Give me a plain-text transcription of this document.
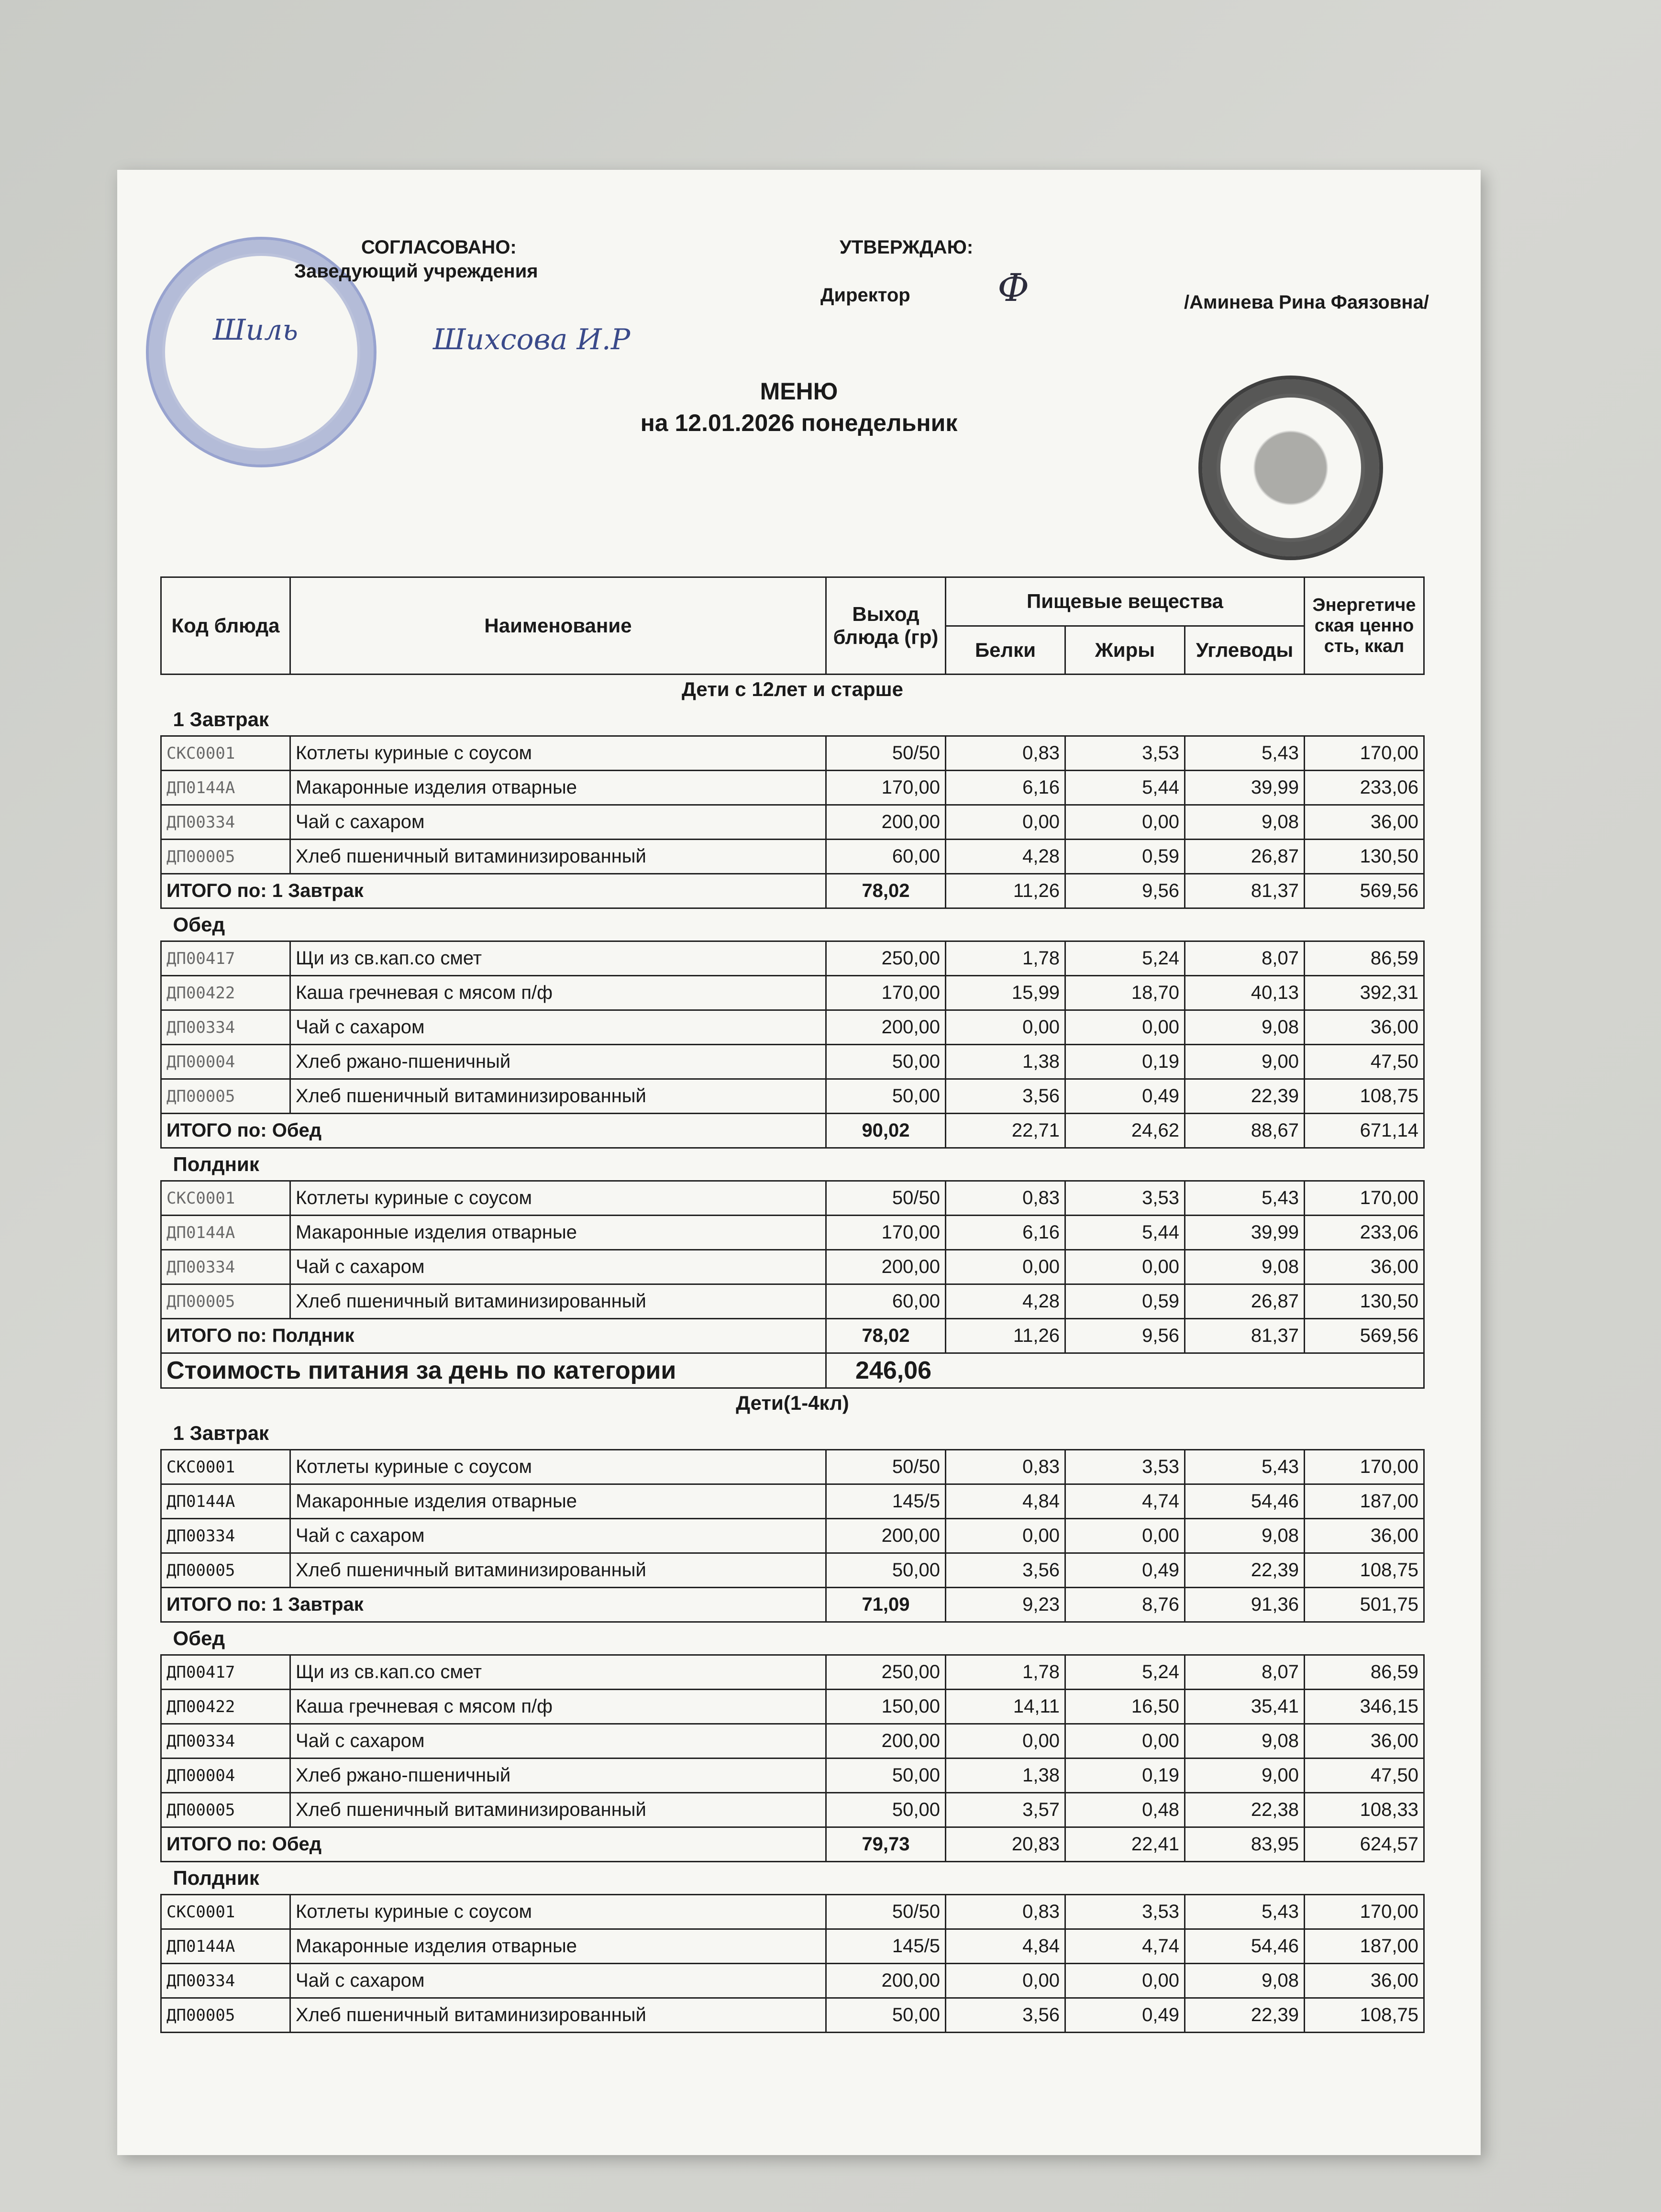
СОГЛАСОВАНО:
Заведующий учреждения
Шиль	Шихсова И.Р
УТВЕРЖДАЮ:
Директор Ф	/Аминева Рина Фаязовна/
МЕНЮ
на 12.01.2026 понедельник
Код блюда	Наименование	Выход блюда (гр)	Пищевые вещества			Энергетическая ценность, ккал
			Белки	Жиры	Углеводы	
Дети с 12лет и старше						
1 Завтрак						
СКС0001	Котлеты куриные с соусом	50/50	0,83	3,53	5,43	170,00
ДП0144А	Макаронные изделия отварные	170,00	6,16	5,44	39,99	233,06
ДП00334	Чай с сахаром	200,00	0,00	0,00	9,08	36,00
ДП00005	Хлеб пшеничный витаминизированный	60,00	4,28	0,59	26,87	130,50
ИТОГО по: 1 Завтрак		78,02	11,26	9,56	81,37	569,56
Обед						
ДП00417	Щи из св.кап.со смет	250,00	1,78	5,24	8,07	86,59
ДП00422	Каша гречневая с мясом п/ф	170,00	15,99	18,70	40,13	392,31
ДП00334	Чай с сахаром	200,00	0,00	0,00	9,08	36,00
ДП00004	Хлеб ржано-пшеничный	50,00	1,38	0,19	9,00	47,50
ДП00005	Хлеб пшеничный витаминизированный	50,00	3,56	0,49	22,39	108,75
ИТОГО по: Обед		90,02	22,71	24,62	88,67	671,14
Полдник						
СКС0001	Котлеты куриные с соусом	50/50	0,83	3,53	5,43	170,00
ДП0144А	Макаронные изделия отварные	170,00	6,16	5,44	39,99	233,06
ДП00334	Чай с сахаром	200,00	0,00	0,00	9,08	36,00
ДП00005	Хлеб пшеничный витаминизированный	60,00	4,28	0,59	26,87	130,50
ИТОГО по: Полдник		78,02	11,26	9,56	81,37	569,56
Стоимость питания за день по категории		246,06				
Дети(1-4кл)						
1 Завтрак						
СКС0001	Котлеты куриные с соусом	50/50	0,83	3,53	5,43	170,00
ДП0144А	Макаронные изделия отварные	145/5	4,84	4,74	54,46	187,00
ДП00334	Чай с сахаром	200,00	0,00	0,00	9,08	36,00
ДП00005	Хлеб пшеничный витаминизированный	50,00	3,56	0,49	22,39	108,75
ИТОГО по: 1 Завтрак		71,09	9,23	8,76	91,36	501,75
Обед						
ДП00417	Щи из св.кап.со смет	250,00	1,78	5,24	8,07	86,59
ДП00422	Каша гречневая с мясом п/ф	150,00	14,11	16,50	35,41	346,15
ДП00334	Чай с сахаром	200,00	0,00	0,00	9,08	36,00
ДП00004	Хлеб ржано-пшеничный	50,00	1,38	0,19	9,00	47,50
ДП00005	Хлеб пшеничный витаминизированный	50,00	3,57	0,48	22,38	108,33
ИТОГО по: Обед		79,73	20,83	22,41	83,95	624,57
Полдник						
СКС0001	Котлеты куриные с соусом	50/50	0,83	3,53	5,43	170,00
ДП0144А	Макаронные изделия отварные	145/5	4,84	4,74	54,46	187,00
ДП00334	Чай с сахаром	200,00	0,00	0,00	9,08	36,00
ДП00005	Хлеб пшеничный витаминизированный	50,00	3,56	0,49	22,39	108,75
